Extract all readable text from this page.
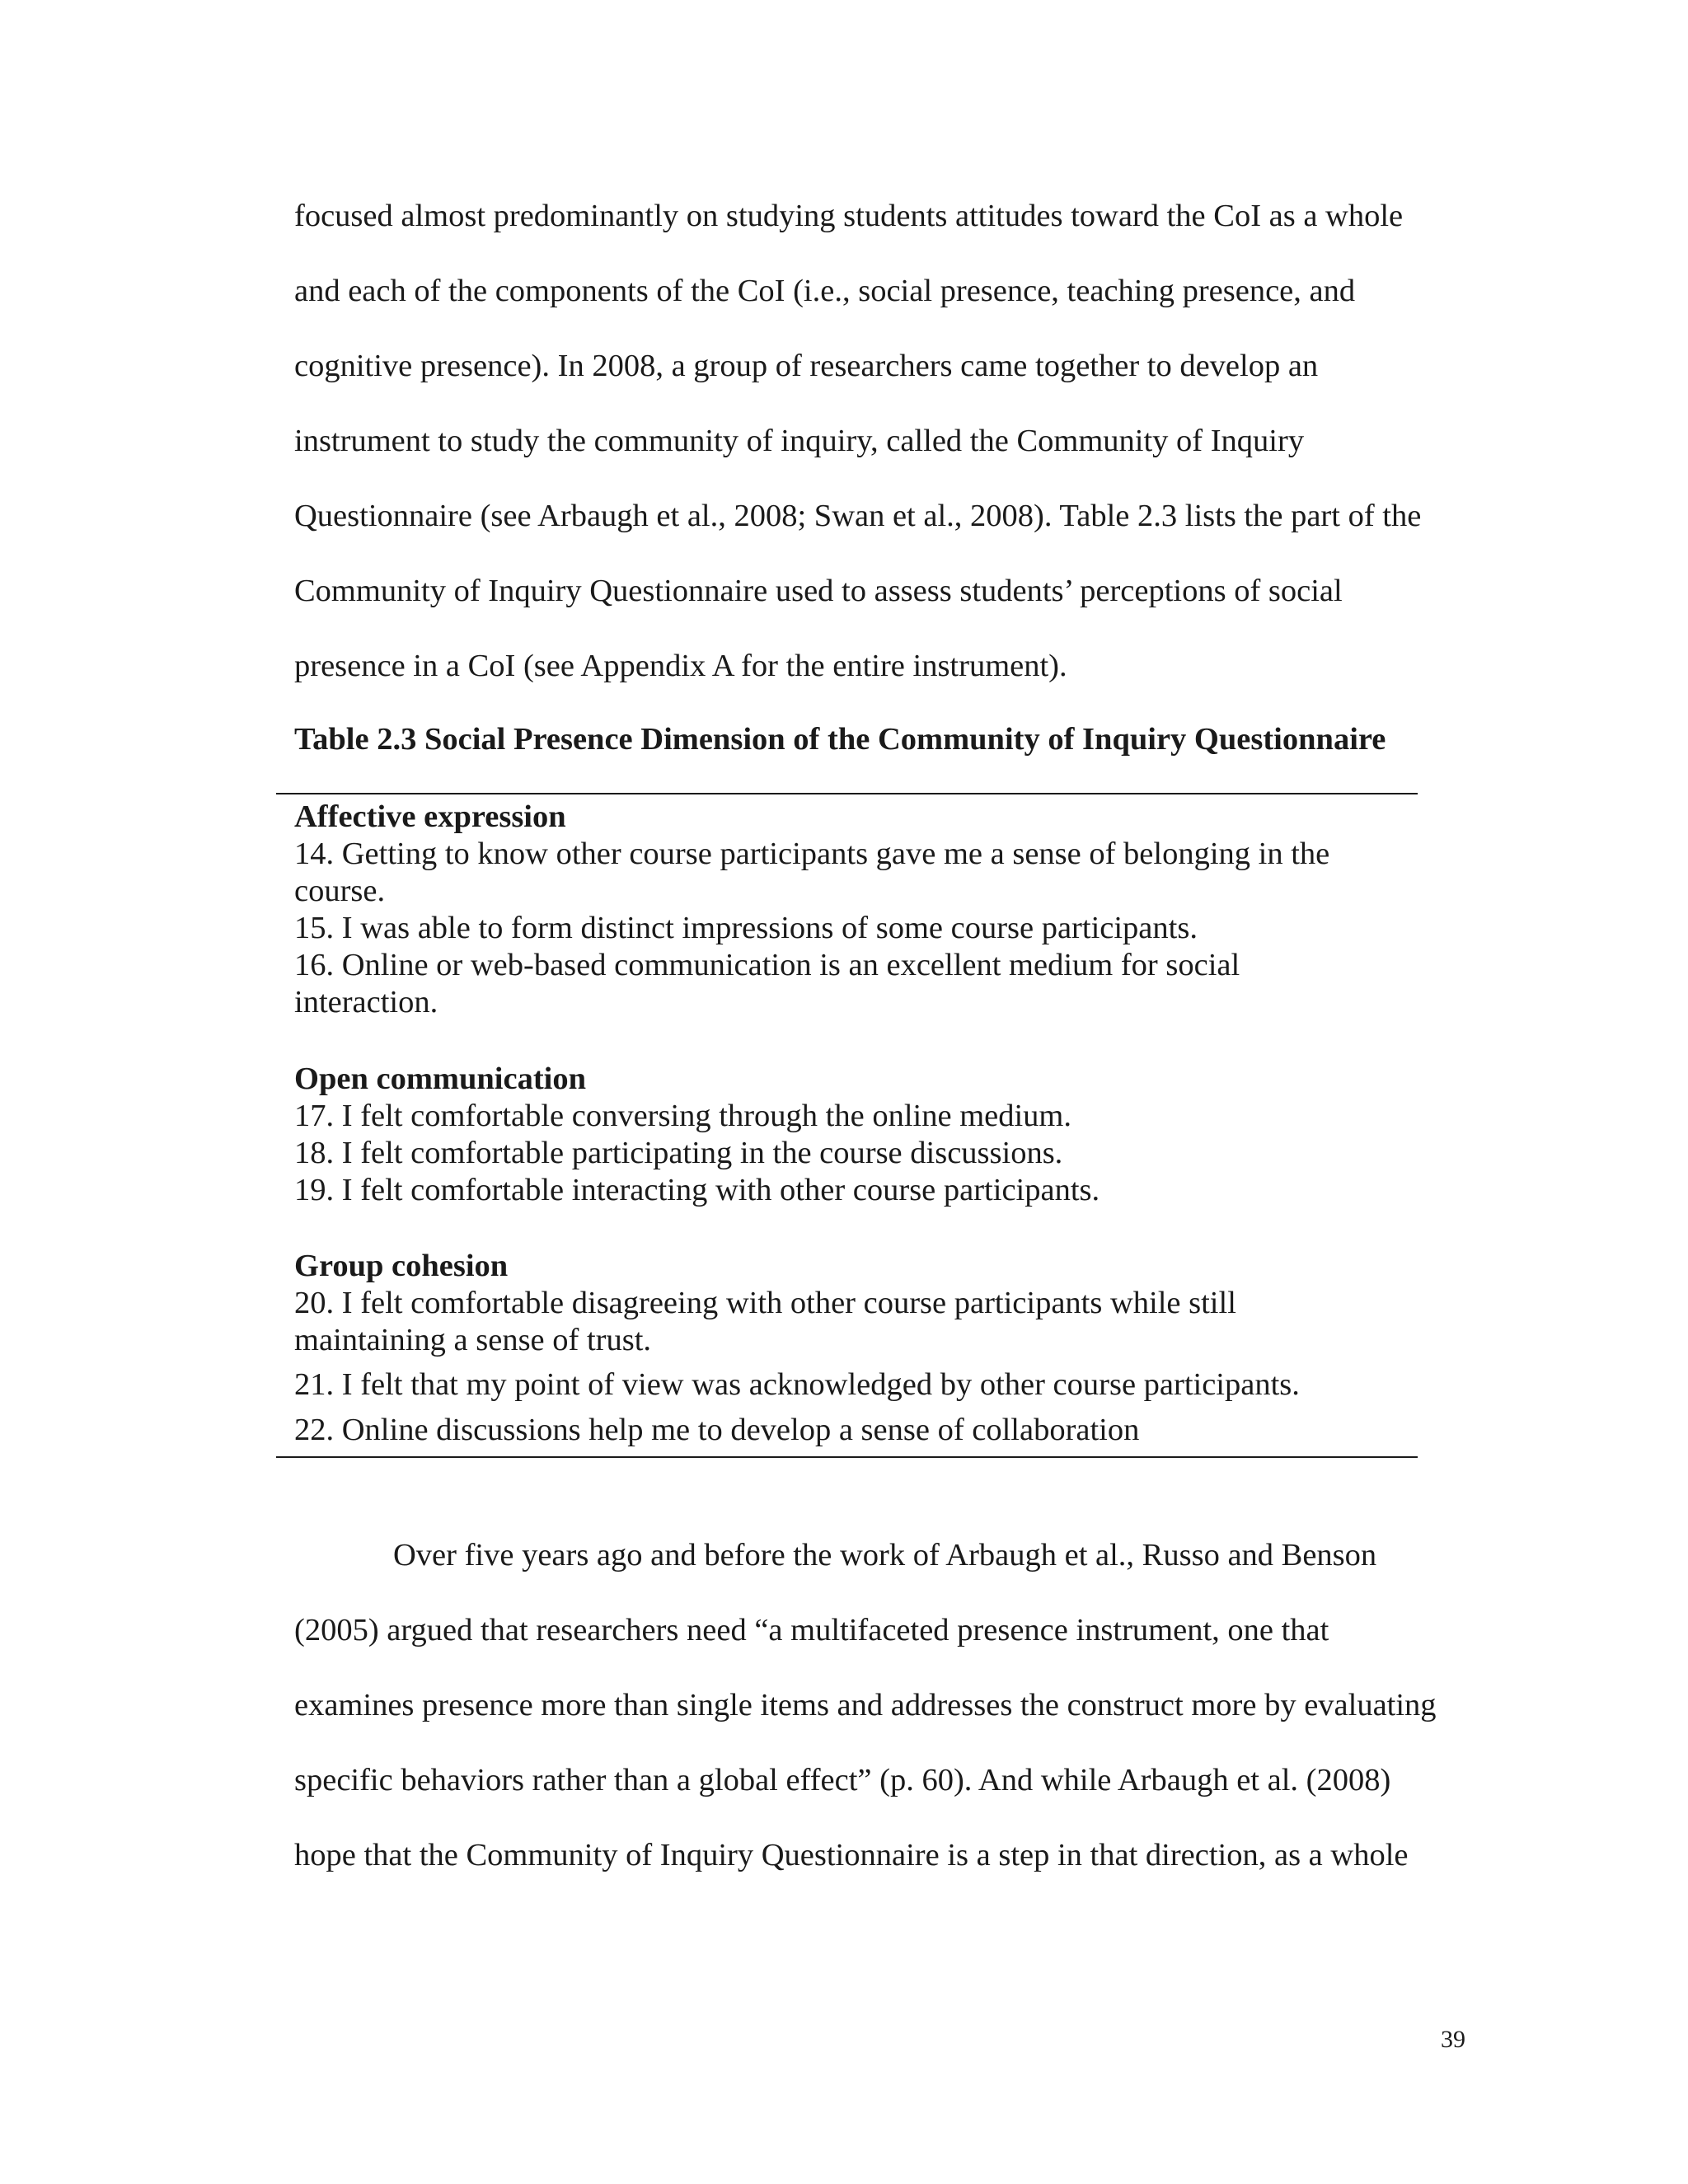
focused almost predominantly on studying students attitudes toward the CoI as a whole
and each of the components of the CoI (i.e., social presence, teaching presence, and
cognitive presence). In 2008, a group of researchers came together to develop an
instrument to study the community of inquiry, called the Community of Inquiry
Questionnaire (see Arbaugh et al., 2008; Swan et al., 2008). Table 2.3 lists the part of the
Community of Inquiry Questionnaire used to assess students’ perceptions of social
presence in a CoI (see Appendix A for the entire instrument).
Table 2.3 Social Presence Dimension of the Community of Inquiry Questionnaire
Affective expression
14. Getting to know other course participants gave me a sense of belonging in the
course.
15. I was able to form distinct impressions of some course participants.
16. Online or web-based communication is an excellent medium for social
interaction.
Open communication
17. I felt comfortable conversing through the online medium.
18. I felt comfortable participating in the course discussions.
19. I felt comfortable interacting with other course participants.
Group cohesion
20. I felt comfortable disagreeing with other course participants while still
maintaining a sense of trust.
21. I felt that my point of view was acknowledged by other course participants.
22. Online discussions help me to develop a sense of collaboration
Over five years ago and before the work of Arbaugh et al., Russo and Benson
(2005) argued that researchers need “a multifaceted presence instrument, one that
examines presence more than single items and addresses the construct more by evaluating
specific behaviors rather than a global effect” (p. 60). And while Arbaugh et al. (2008)
hope that the Community of Inquiry Questionnaire is a step in that direction, as a whole
39
